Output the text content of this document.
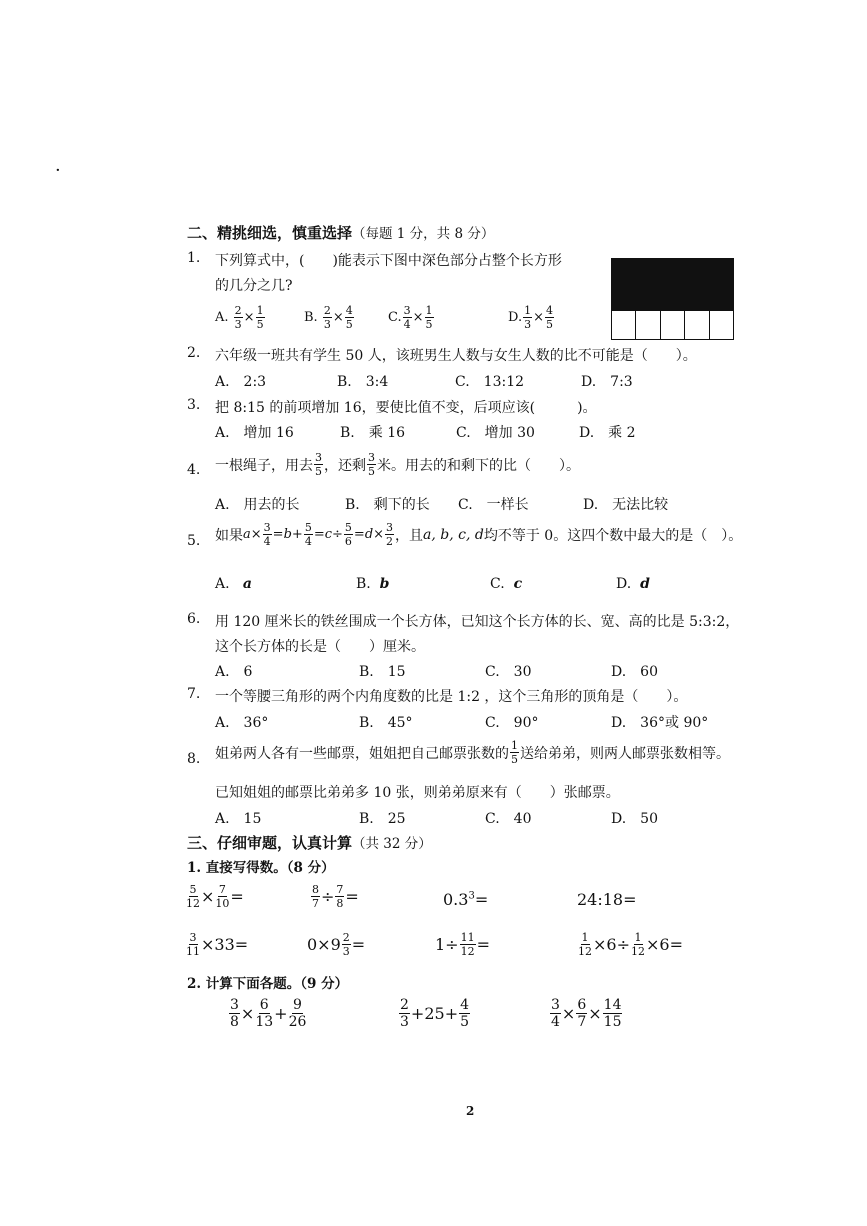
·
二、精挑细选，慎重选择（每题 1 分，共 8 分）
1. 下列算式中，(　　)能表示下图中深色部分占整个长方形
的几分之几?
A.
$\frac{2}{3} \times \frac{1}{5}$	B.
$\frac{2}{3} \times \frac{4}{5}$	C. $\frac{3}{4} \times \frac{1}{5}$	D. $\frac{1}{3} \times \frac{4}{5}$
2. 六年级一班共有学生 50 人，该班男生人数与女生人数的比不可能是（　　）。
A.　2:3	B.　3:4	C.　13:12	D.　7:3
3. 把 8:15 的前项增加 16，要使比值不变，后项应该(　　　)。
A.　增加 16	B.　乘 16	C.　增加 30	D.　乘 2
4. 一根绳子，用去 $\frac{3}{5}$ ，还剩 $\frac{3}{5}$ 米。用去的和剩下的比（　　）。
A.　用去的长	B.　剩下的长 C.　一样长	D.　无法比较
5. 如果 $a\times \frac{3}{4} = b + \frac{5}{4} = c \div \frac{5}{6} = d \times \frac{3}{2}$ ，且 a, b, c, d 均不等于 0。这四个数中最大的是（　）。
A. a	B. b	C. c	D. d
6. 用 120 厘米长的铁丝围成一个长方体，已知这个长方体的长、宽、高的比是 5:3:2，
这个长方体的长是（　　）厘米。
A.　6	B.　15	C.　30	D.　60
7. 一个等腰三角形的两个内角度数的比是 1:2 ，这个三角形的顶角是（　　）。
A.　36°	B.　45°	C.　90°	D.　36°或 90°
8. 姐弟两人各有一些邮票，姐姐把自己邮票张数的 $\frac{1}{5}$ 送给弟弟，则两人邮票张数相等。
已知姐姐的邮票比弟弟多 10 张，则弟弟原来有（　　）张邮票。
A.　15	B.　25	C.　40	D.　50
三、仔细审题，认真计算（共 32 分）
1. 直接写得数。（8 分）
$\frac{5}{12} \times \frac{7}{10}$ =	$\frac{8}{7} \div \frac{7}{8}$ =	$0.3^3=$	24:18=
$\frac{3}{11} \times 33=$	$0\times 9 \frac{2}{3}$ =	$1\div \frac{11}{12}$ =	$\frac{1}{12} \times 6\div \frac{1}{12} \times 6=$
2. 计算下面各题。（9 分）
$\frac{3}{8} \times \frac{6}{13} + \frac{9}{26}$	$\frac{2}{3} +25+ \frac{4}{5}$	$\frac{3}{4} \times \frac{6}{7} \times \frac{14}{15}$
2
